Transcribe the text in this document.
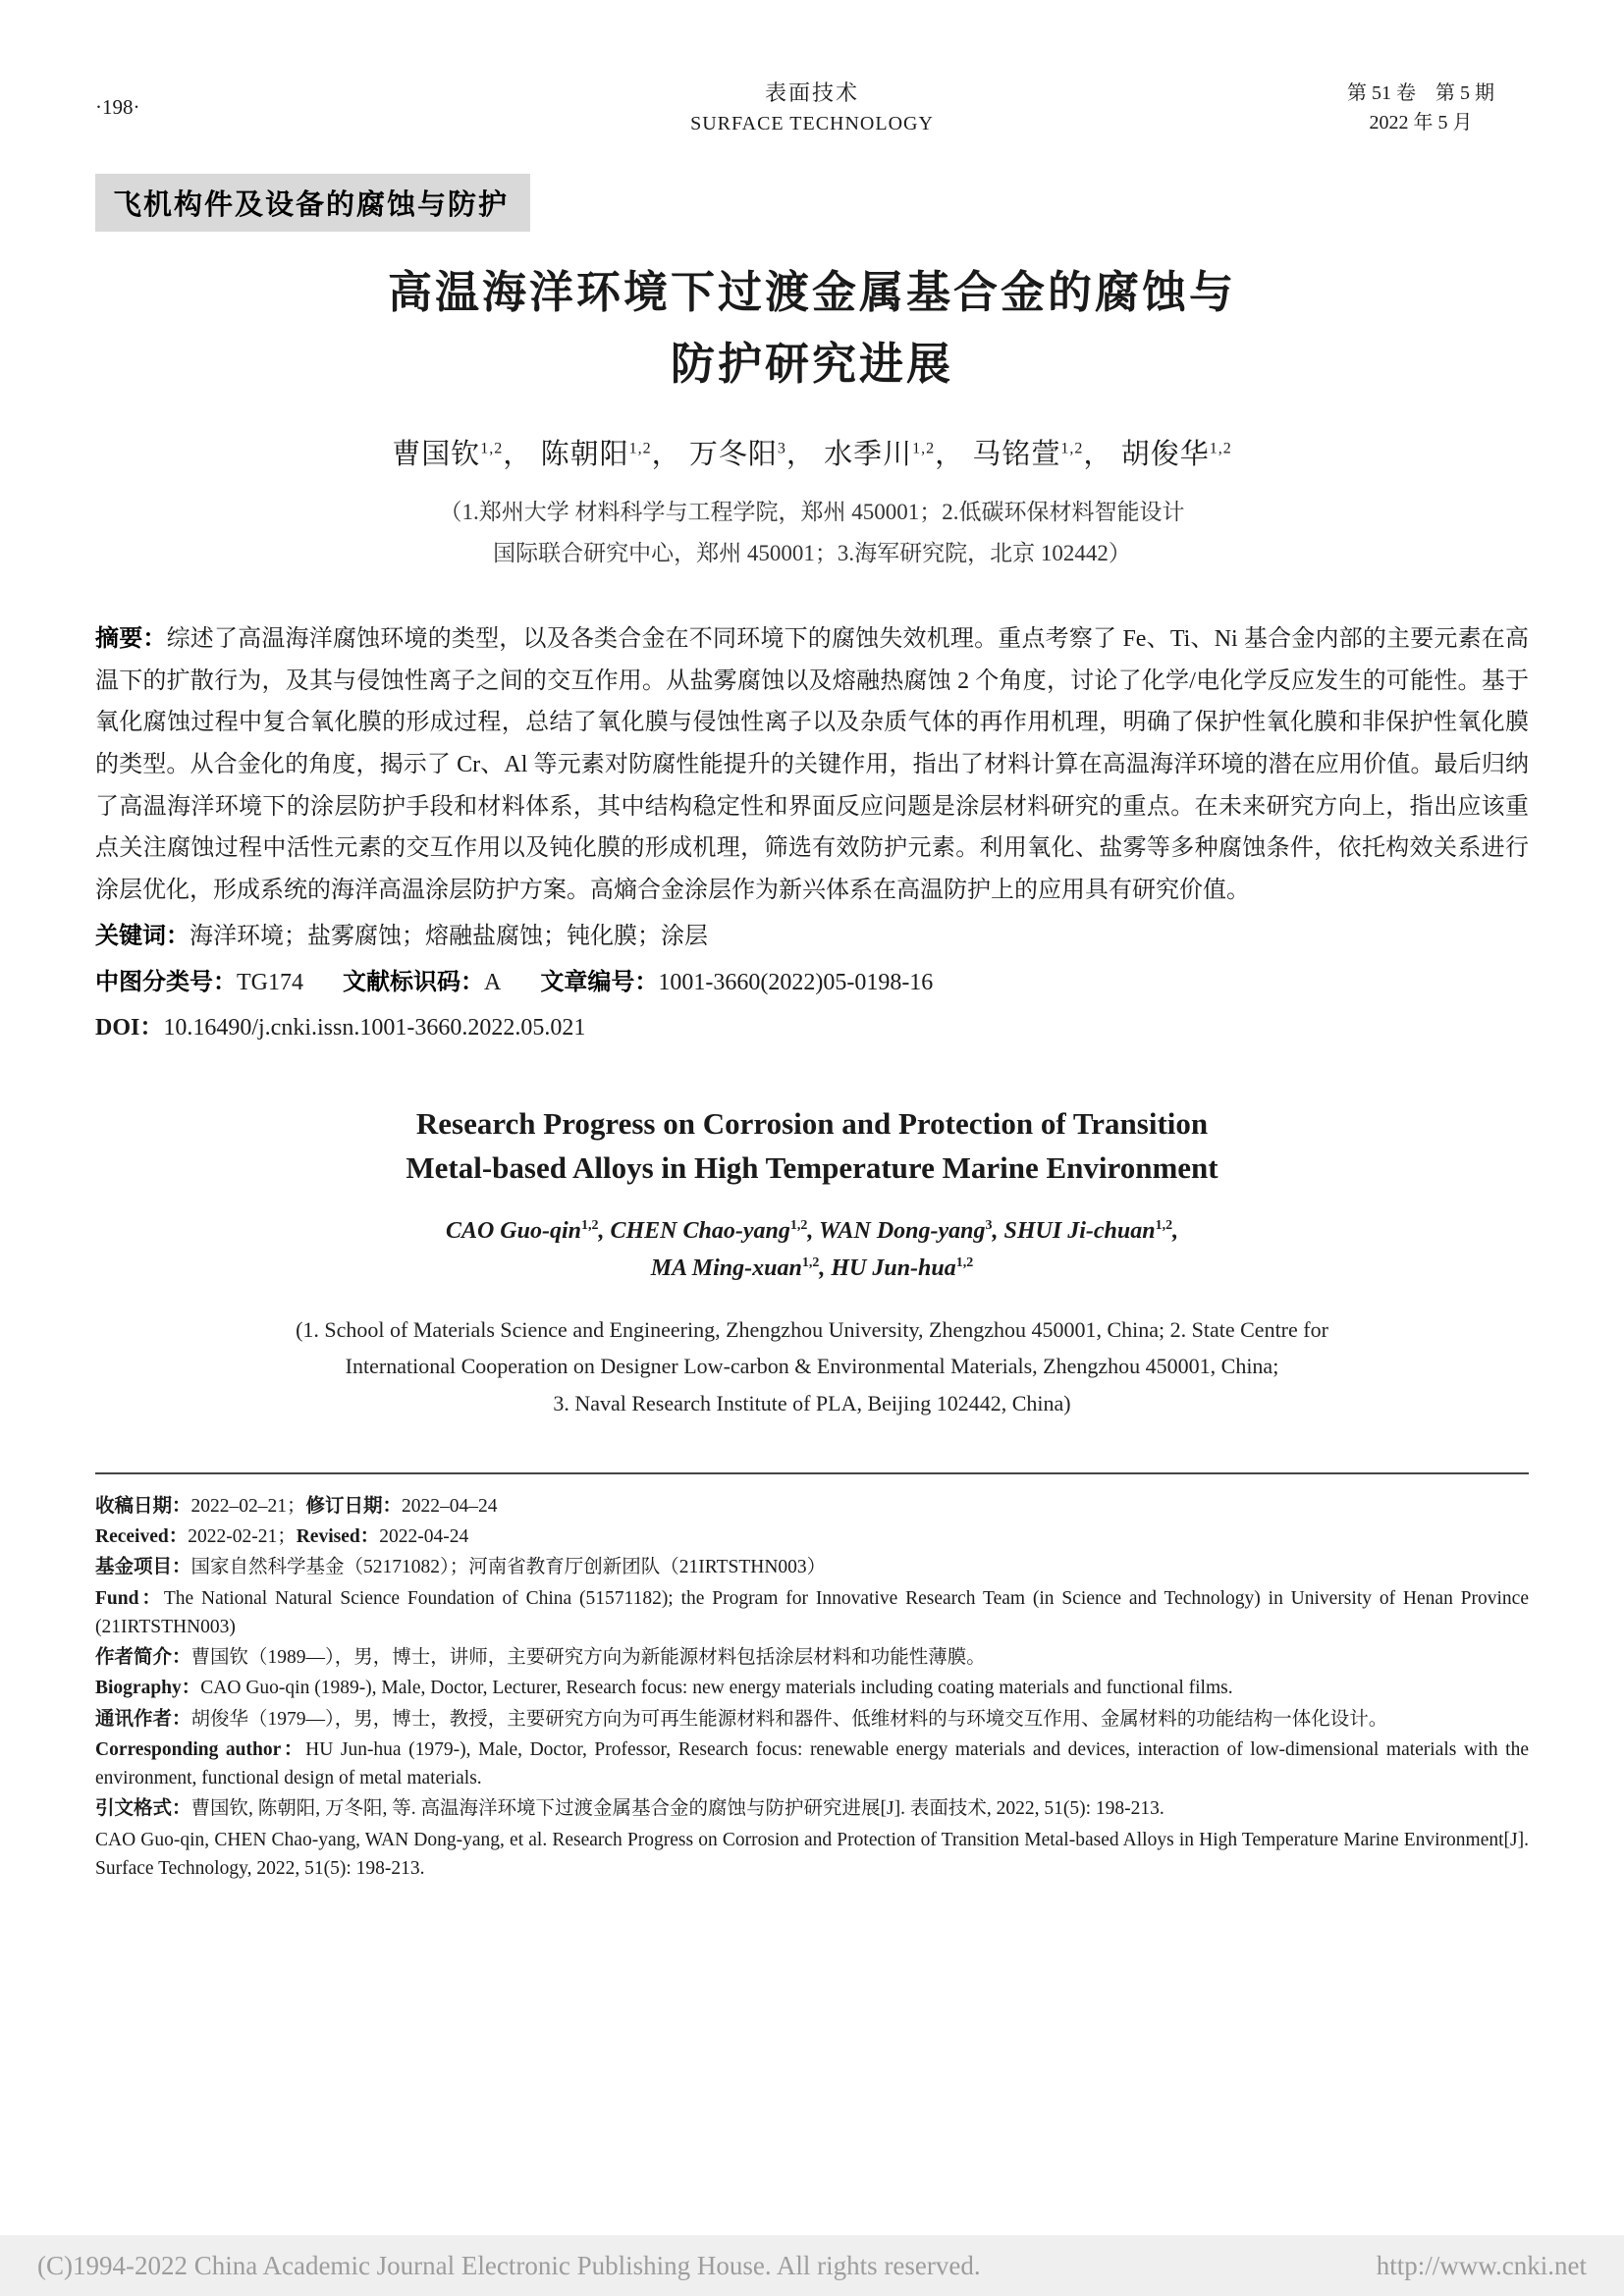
·198·
表面技术
SURFACE TECHNOLOGY
第 51 卷　第 5 期
2022 年 5 月
飞机构件及设备的腐蚀与防护
高温海洋环境下过渡金属基合金的腐蚀与
防护研究进展
曹国钦$^{1,2}$， 陈朝阳$^{1,2}$， 万冬阳$^3$， 水季川$^{1,2}$， 马铭萱$^{1,2}$， 胡俊华$^{1,2}$
（1.郑州大学 材料科学与工程学院，郑州 450001；2.低碳环保材料智能设计
国际联合研究中心，郑州 450001；3.海军研究院，北京 102442）

摘要：综述了高温海洋腐蚀环境的类型，以及各类合金在不同环境下的腐蚀失效机理。重点考察了 Fe、Ti、Ni 基合金内部的主要元素在高温下的扩散行为，及其与侵蚀性离子之间的交互作用。从盐雾腐蚀以及熔融热腐蚀 2 个角度，讨论了化学/电化学反应发生的可能性。基于氧化腐蚀过程中复合氧化膜的形成过程，总结了氧化膜与侵蚀性离子以及杂质气体的再作用机理，明确了保护性氧化膜和非保护性氧化膜的类型。从合金化的角度，揭示了 Cr、Al 等元素对防腐性能提升的关键作用，指出了材料计算在高温海洋环境的潜在应用价值。最后归纳了高温海洋环境下的涂层防护手段和材料体系，其中结构稳定性和界面反应问题是涂层材料研究的重点。在未来研究方向上，指出应该重点关注腐蚀过程中活性元素的交互作用以及钝化膜的形成机理，筛选有效防护元素。利用氧化、盐雾等多种腐蚀条件，依托构效关系进行涂层优化，形成系统的海洋高温涂层防护方案。高熵合金涂层作为新兴体系在高温防护上的应用具有研究价值。

关键词：海洋环境；盐雾腐蚀；熔融盐腐蚀；钝化膜；涂层

中图分类号：TG174 文献标识码：A 文章编号：1001-3660(2022)05-0198-16

DOI：10.16490/j.cnki.issn.1001-3660.2022.05.021

Research Progress on Corrosion and Protection of Transition
Metal-based Alloys in High Temperature Marine Environment
CAO Guo-qin$^{1,2}$, CHEN Chao-yang$^{1,2}$, WAN Dong-yang$^3$, SHUI Ji-chuan$^{1,2}$,
MA Ming-xuan$^{1,2}$, HU Jun-hua$^{1,2}$
(1. School of Materials Science and Engineering, Zhengzhou University, Zhengzhou 450001, China; 2. State Centre for
International Cooperation on Designer Low-carbon & Environmental Materials, Zhengzhou 450001, China;
3. Naval Research Institute of PLA, Beijing 102442, China)

收稿日期：2022–02–21；修订日期：2022–04–24

Received：2022-02-21；Revised：2022-04-24

基金项目：国家自然科学基金（52171082）；河南省教育厅创新团队（21IRTSTHN003）

Fund：The National Natural Science Foundation of China (51571182); the Program for Innovative Research Team (in Science and Technology) in University of Henan Province (21IRTSTHN003)

作者简介：曹国钦（1989—），男，博士，讲师，主要研究方向为新能源材料包括涂层材料和功能性薄膜。

Biography：CAO Guo-qin (1989-), Male, Doctor, Lecturer, Research focus: new energy materials including coating materials and functional films.

通讯作者：胡俊华（1979—），男，博士，教授，主要研究方向为可再生能源材料和器件、低维材料的与环境交互作用、金属材料的功能结构一体化设计。

Corresponding author：HU Jun-hua (1979-), Male, Doctor, Professor, Research focus: renewable energy materials and devices, interaction of low-dimensional materials with the environment, functional design of metal materials.

引文格式：曹国钦, 陈朝阳, 万冬阳, 等. 高温海洋环境下过渡金属基合金的腐蚀与防护研究进展[J]. 表面技术, 2022, 51(5): 198-213.

CAO Guo-qin, CHEN Chao-yang, WAN Dong-yang, et al. Research Progress on Corrosion and Protection of Transition Metal-based Alloys in High Temperature Marine Environment[J]. Surface Technology, 2022, 51(5): 198-213.

(C)1994-2022 China Academic Journal Electronic Publishing House. All rights reserved.	http://www.cnki.net
